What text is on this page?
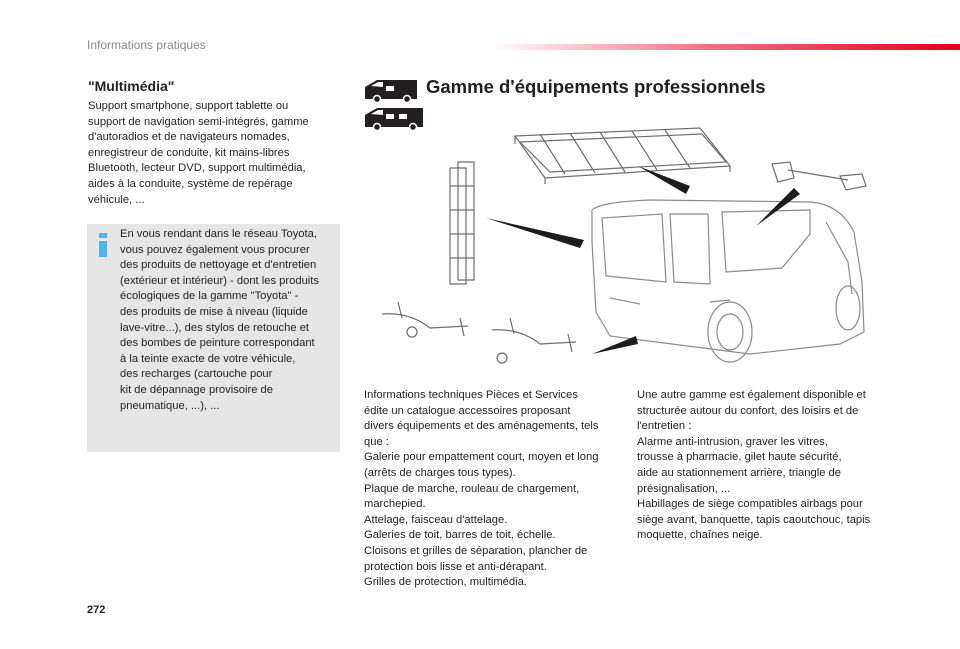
Informations pratiques
"Multimédia"
Support smartphone, support tablette ou
support de navigation semi-intégrés, gamme
d'autoradios et de navigateurs nomades,
enregistreur de conduite, kit mains-libres
Bluetooth, lecteur DVD, support multimédia,
aides à la conduite, système de repérage
véhicule, ...
En vous rendant dans le réseau Toyota,
vous pouvez également vous procurer
des produits de nettoyage et d'entretien
(extérieur et intérieur) - dont les produits
écologiques de la gamme "Toyota" -
des produits de mise à niveau (liquide
lave-vitre...), des stylos de retouche et
des bombes de peinture correspondant
à la teinte exacte de votre véhicule,
des recharges (cartouche pour
kit de dépannage provisoire de
pneumatique, ...), ...
Gamme d'équipements professionnels
Informations techniques Pièces et Services
édite un catalogue accessoires proposant
divers équipements et des aménagements, tels
que :
Galerie pour empattement court, moyen et long
(arrêts de charges tous types).
Plaque de marche, rouleau de chargement,
marchepied.
Attelage, faisceau d'attelage.
Galeries de toit, barres de toit, échelle.
Cloisons et grilles de séparation, plancher de
protection bois lisse et anti-dérapant.
Grilles de protection, multimédia.
Une autre gamme est également disponible et
structurée autour du confort, des loisirs et de
l'entretien :
Alarme anti-intrusion, graver les vitres,
trousse à pharmacie, gilet haute sécurité,
aide au stationnement arrière, triangle de
présignalisation, ...
Habillages de siège compatibles airbags pour
siège avant, banquette, tapis caoutchouc, tapis
moquette, chaînes neige.
272
